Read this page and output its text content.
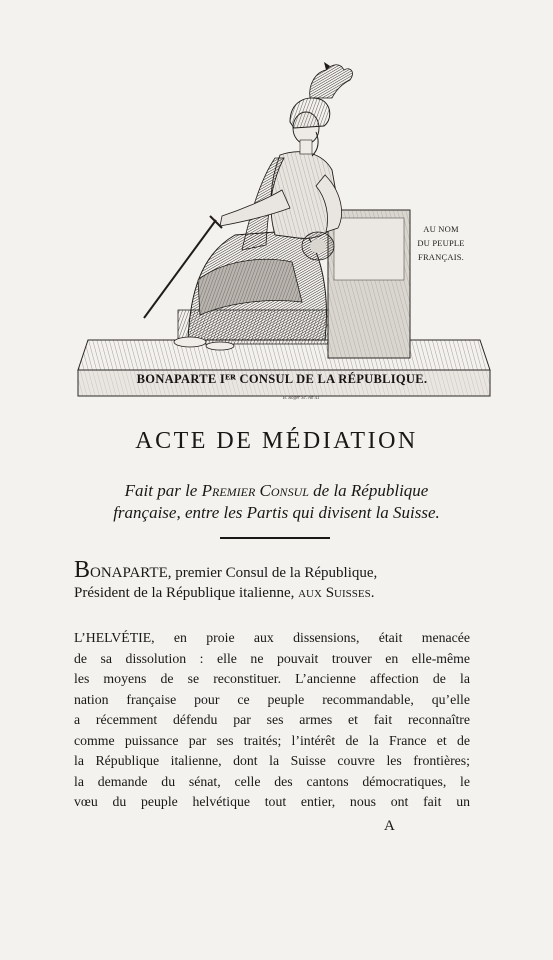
AU NOM
DU PEUPLE
FRANÇAIS.
BONAPARTE Iᴱᴿ CONSUL DE LA RÉPUBLIQUE.
B. Roger Sc. An XI
ACTE DE MÉDIATION
Fait par le Premier Consul de la République
française, entre les Partis qui divisent la Suisse.
BONAPARTE, premier Consul de la République,
Président de la République italienne, aux Suisses.
L’HELVÉTIE, en proie aux dissensions, était menacée
de sa dissolution : elle ne pouvait trouver en elle-même
les moyens de se reconstituer. L’ancienne affection de la
nation française pour ce peuple recommandable, qu’elle
a récemment défendu par ses armes et fait reconnaître
comme puissance par ses traités; l’intérêt de la France et de
la République italienne, dont la Suisse couvre les frontières;
la demande du sénat, celle des cantons démocratiques, le
vœu du peuple helvétique tout entier, nous ont fait un
A
